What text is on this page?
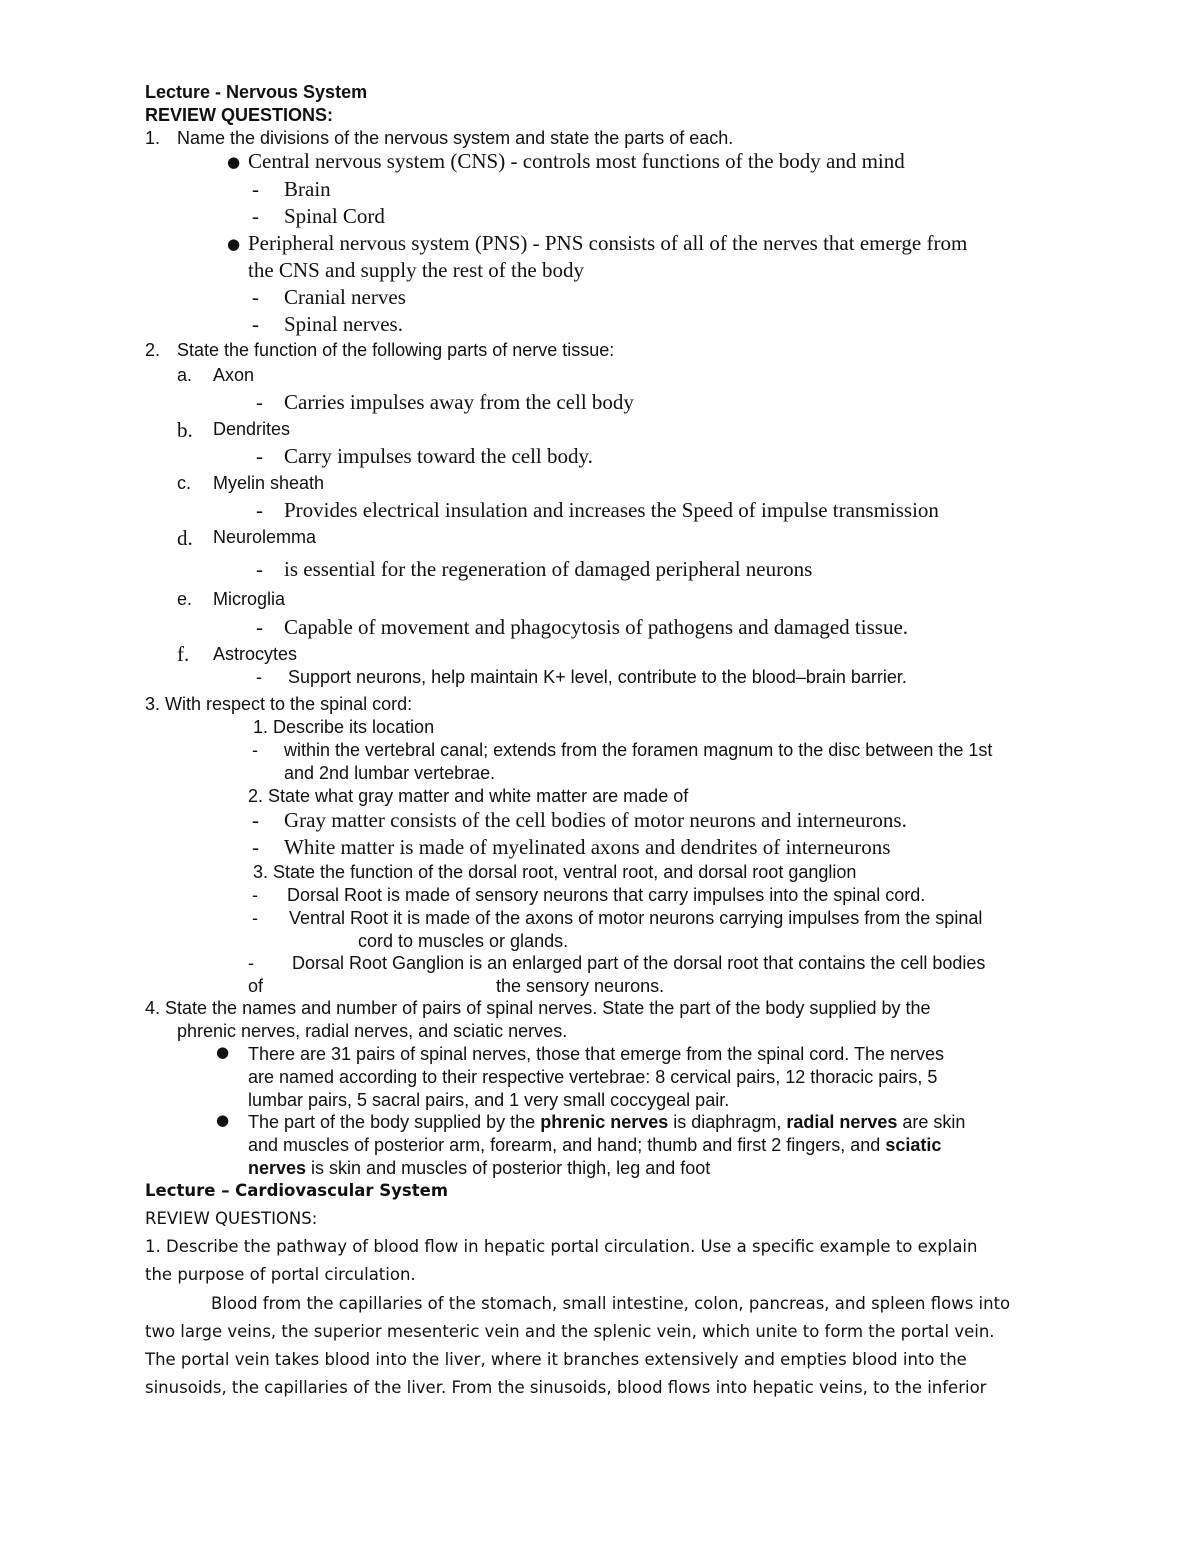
Lecture - Nervous System
REVIEW QUESTIONS:
1. Name the divisions of the nervous system and state the parts of each.
● Central nervous system (CNS) - controls most functions of the body and mind
- Brain
- Spinal Cord
● Peripheral nervous system (PNS) - PNS consists of all of the nerves that emerge from
the CNS and supply the rest of the body
- Cranial nerves
- Spinal nerves.
2. State the function of the following parts of nerve tissue:
a. Axon
- Carries impulses away from the cell body
b. Dendrites
- Carry impulses toward the cell body.
c. Myelin sheath
- Provides electrical insulation and increases the Speed of impulse transmission
d. Neurolemma
- is essential for the regeneration of damaged peripheral neurons
e. Microglia
- Capable of movement and phagocytosis of pathogens and damaged tissue.
f. Astrocytes
- Support neurons, help maintain K+ level, contribute to the blood–brain barrier.
3. With respect to the spinal cord:
1. Describe its location
- within the vertebral canal; extends from the foramen magnum to the disc between the 1st
and 2nd lumbar vertebrae.
2. State what gray matter and white matter are made of
- Gray matter consists of the cell bodies of motor neurons and interneurons.
- White matter is made of myelinated axons and dendrites of interneurons
3. State the function of the dorsal root, ventral root, and dorsal root ganglion
- Dorsal Root is made of sensory neurons that carry impulses into the spinal cord.
- Ventral Root it is made of the axons of motor neurons carrying impulses from the spinal
cord to muscles or glands.
- Dorsal Root Ganglion is an enlarged part of the dorsal root that contains the cell bodies
of	the sensory neurons.
4. State the names and number of pairs of spinal nerves. State the part of the body supplied by the
phrenic nerves, radial nerves, and sciatic nerves.
● There are 31 pairs of spinal nerves, those that emerge from the spinal cord. The nerves
are named according to their respective vertebrae: 8 cervical pairs, 12 thoracic pairs, 5
lumbar pairs, 5 sacral pairs, and 1 very small coccygeal pair.
● The part of the body supplied by the phrenic nerves is diaphragm, radial nerves are skin
and muscles of posterior arm, forearm, and hand; thumb and first 2 fingers, and sciatic
nerves is skin and muscles of posterior thigh, leg and foot
Lecture – Cardiovascular System
REVIEW QUESTIONS:
1. Describe the pathway of blood flow in hepatic portal circulation. Use a specific example to explain
the purpose of portal circulation.
Blood from the capillaries of the stomach, small intestine, colon, pancreas, and spleen flows into
two large veins, the superior mesenteric vein and the splenic vein, which unite to form the portal vein.
The portal vein takes blood into the liver, where it branches extensively and empties blood into the
sinusoids, the capillaries of the liver. From the sinusoids, blood flows into hepatic veins, to the inferior
